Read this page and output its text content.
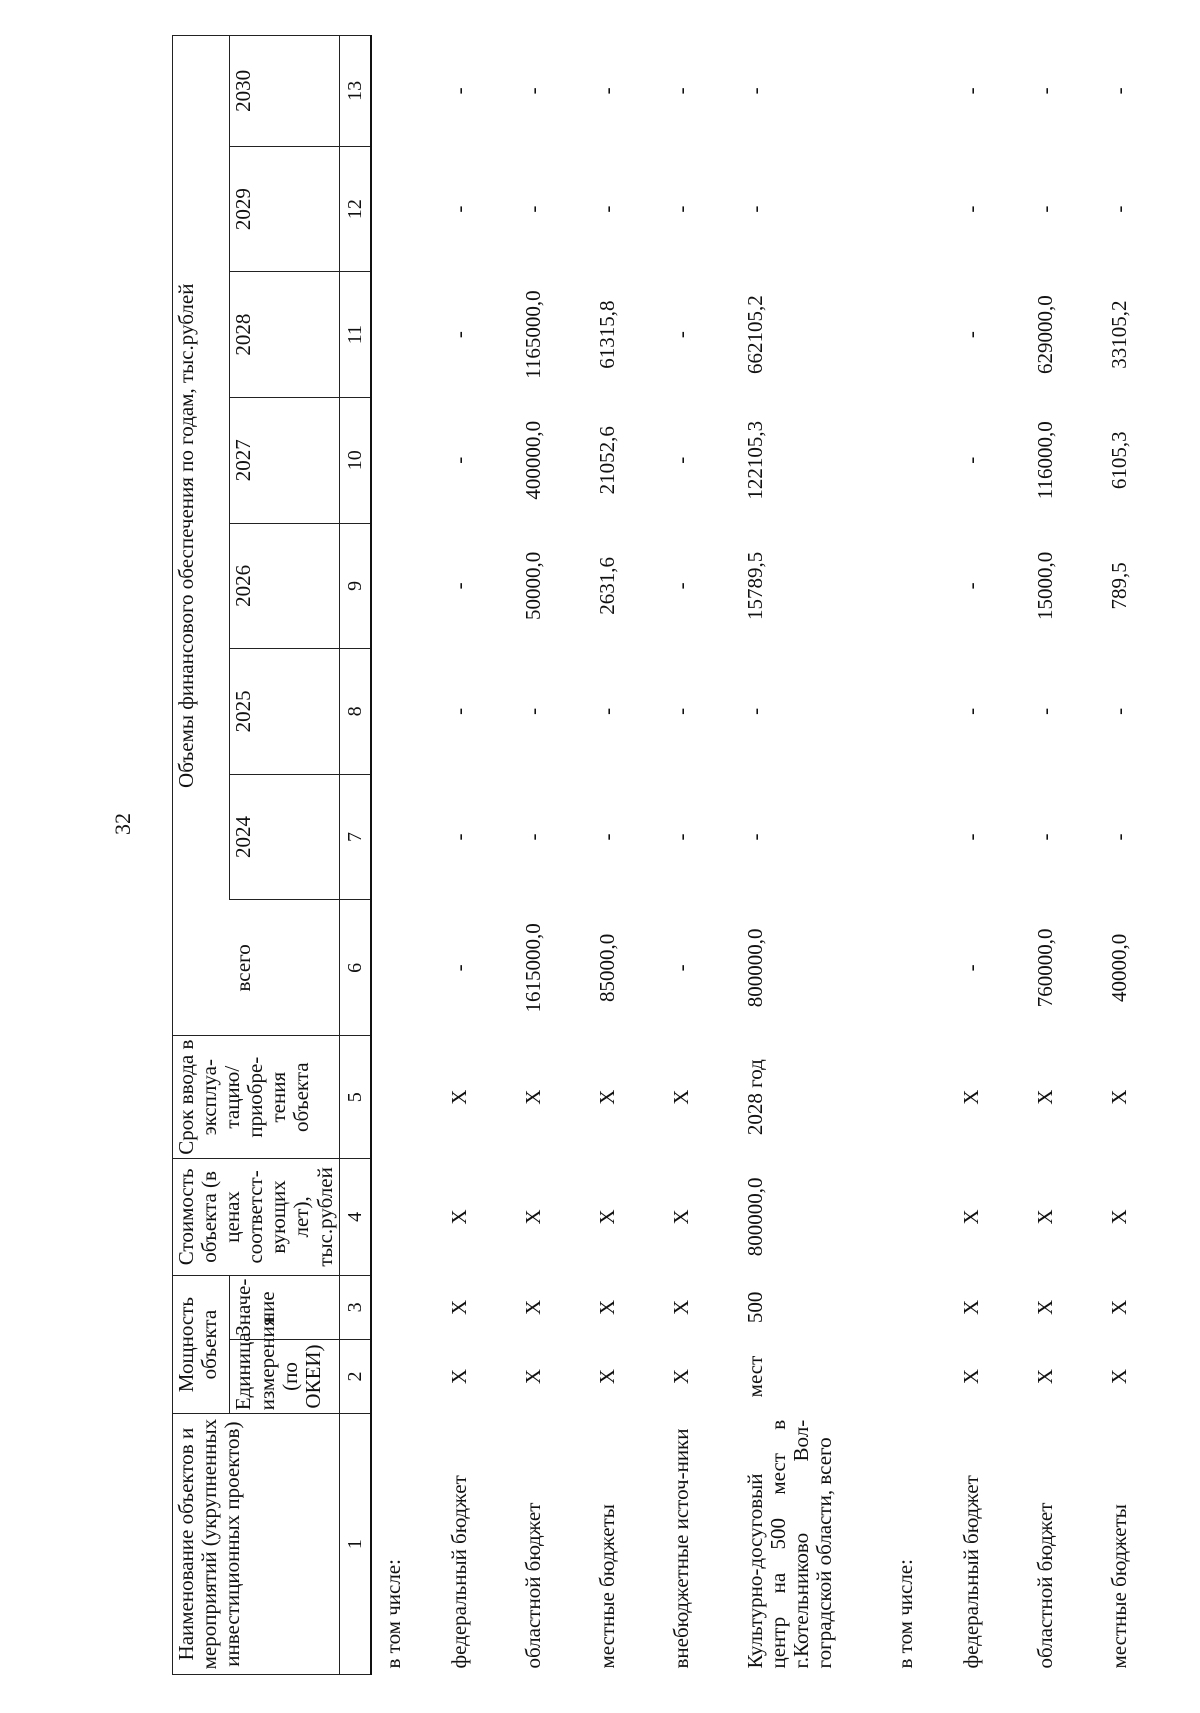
32
Наименование объектов и мероприятий (укрупненных инвестиционных проектов)	Мощность объекта		Стоимость объекта (в ценах соответст-вующих лет), тыс.рублей	Срок ввода в эксплуа-тацию/ приобре-тения объекта	Объемы финансового обеспечения по годам, тыс.рублей							
	Единица измерения (по ОКЕИ)	Значе-ние			всего	2024	2025	2026	2027	2028	2029	2030
1	2	3	4	5	6	7	8	9	10	11	12	13
в том числе:												
федеральный бюджет	X	X	X	X	-	-	-	-	-	-	-	-
областной бюджет	X	X	X	X	1615000,0	-	-	50000,0	400000,0	1165000,0	-	-
местные бюджеты	X	X	X	X	85000,0	-	-	2631,6	21052,6	61315,8	-	-
внебюджетные источ-ники	X	X	X	X	-	-	-	-	-	-	-	-
Культурно-досуговый центр на 500 мест в г.Котельниково Вол-гоградской области, всего	мест	500	800000,0	2028 год	800000,0	-	-	15789,5	122105,3	662105,2	-	-
в том числе:												
федеральный бюджет	X	X	X	X	-	-	-	-	-	-	-	-
областной бюджет	X	X	X	X	760000,0	-	-	15000,0	116000,0	629000,0	-	-
местные бюджеты	X	X	X	X	40000,0	-	-	789,5	6105,3	33105,2	-	-
